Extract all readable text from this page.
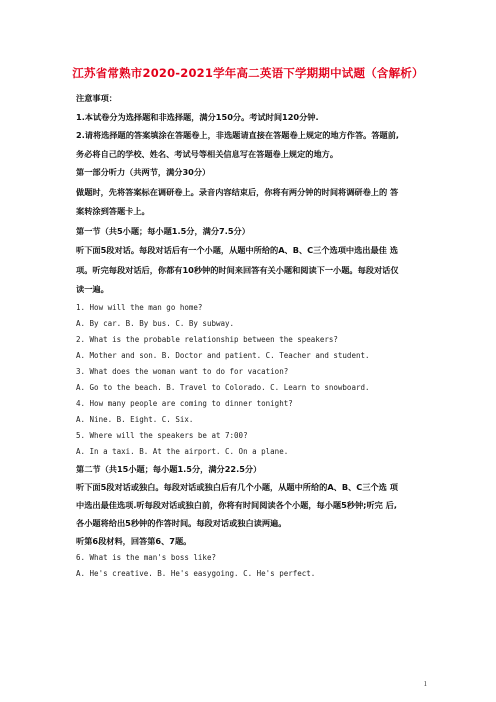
江苏省常熟市2020-2021学年高二英语下学期期中试题（含解析）
注意事项：
1.本试卷分为选择题和非选择题，满分150分。考试时间120分钟.
2.请将选择题的答案填涂在答题卷上，非选题请直接在答题卷上规定的地方作答。答题前,
务必将自己的学校、姓名、考试号等相关信息写在答题卷上规定的地方。
第一部分听力（共两节，满分30分）
做题时，先将答案标在调研卷上。录音内容结束后，你将有两分钟的时间将调研卷上的 答
案转涂到答题卡上。
第一节（共5小题；每小题1.5分，满分7.5分）
听下面5段对话。每段对话后有一个小题，从题中所给的A、B、C三个选项中选出最佳 选
项。听完每段对话后，你都有10秒钟的时间来回答有关小题和阅读下一小题。每段对话仅
读一遍。
1. How will the man go home?
A. By car. B. By bus. C. By subway.
2. What is the probable relationship between the speakers?
A. Mother and son. B. Doctor and patient. C. Teacher and student.
3. What does the woman want to do for vacation?
A. Go to the beach. B. Travel to Colorado. C. Learn to snowboard.
4. How many people are coming to dinner tonight?
A. Nine. B. Eight. C. Six.
5. Where will the speakers be at 7:00?
A. In a taxi. B. At the airport. C. On a plane.
第二节（共15小题；每小题1.5分，满分22.5分）
听下面5段对话或独白。每段对话或独白后有几个小题，从题中所给的A、B、C三个选 项
中选出最佳选项.听每段对话或独白前，你将有时间阅读各个小题，每小题5秒钟;听完 后,
各小题将给出5秒钟的作答时间。每段对话或独白读两遍。
听第6段材料，回答第6、7题。
6. What is the man's boss like?
A. He's creative. B. He's easygoing. C. He's perfect.
1
